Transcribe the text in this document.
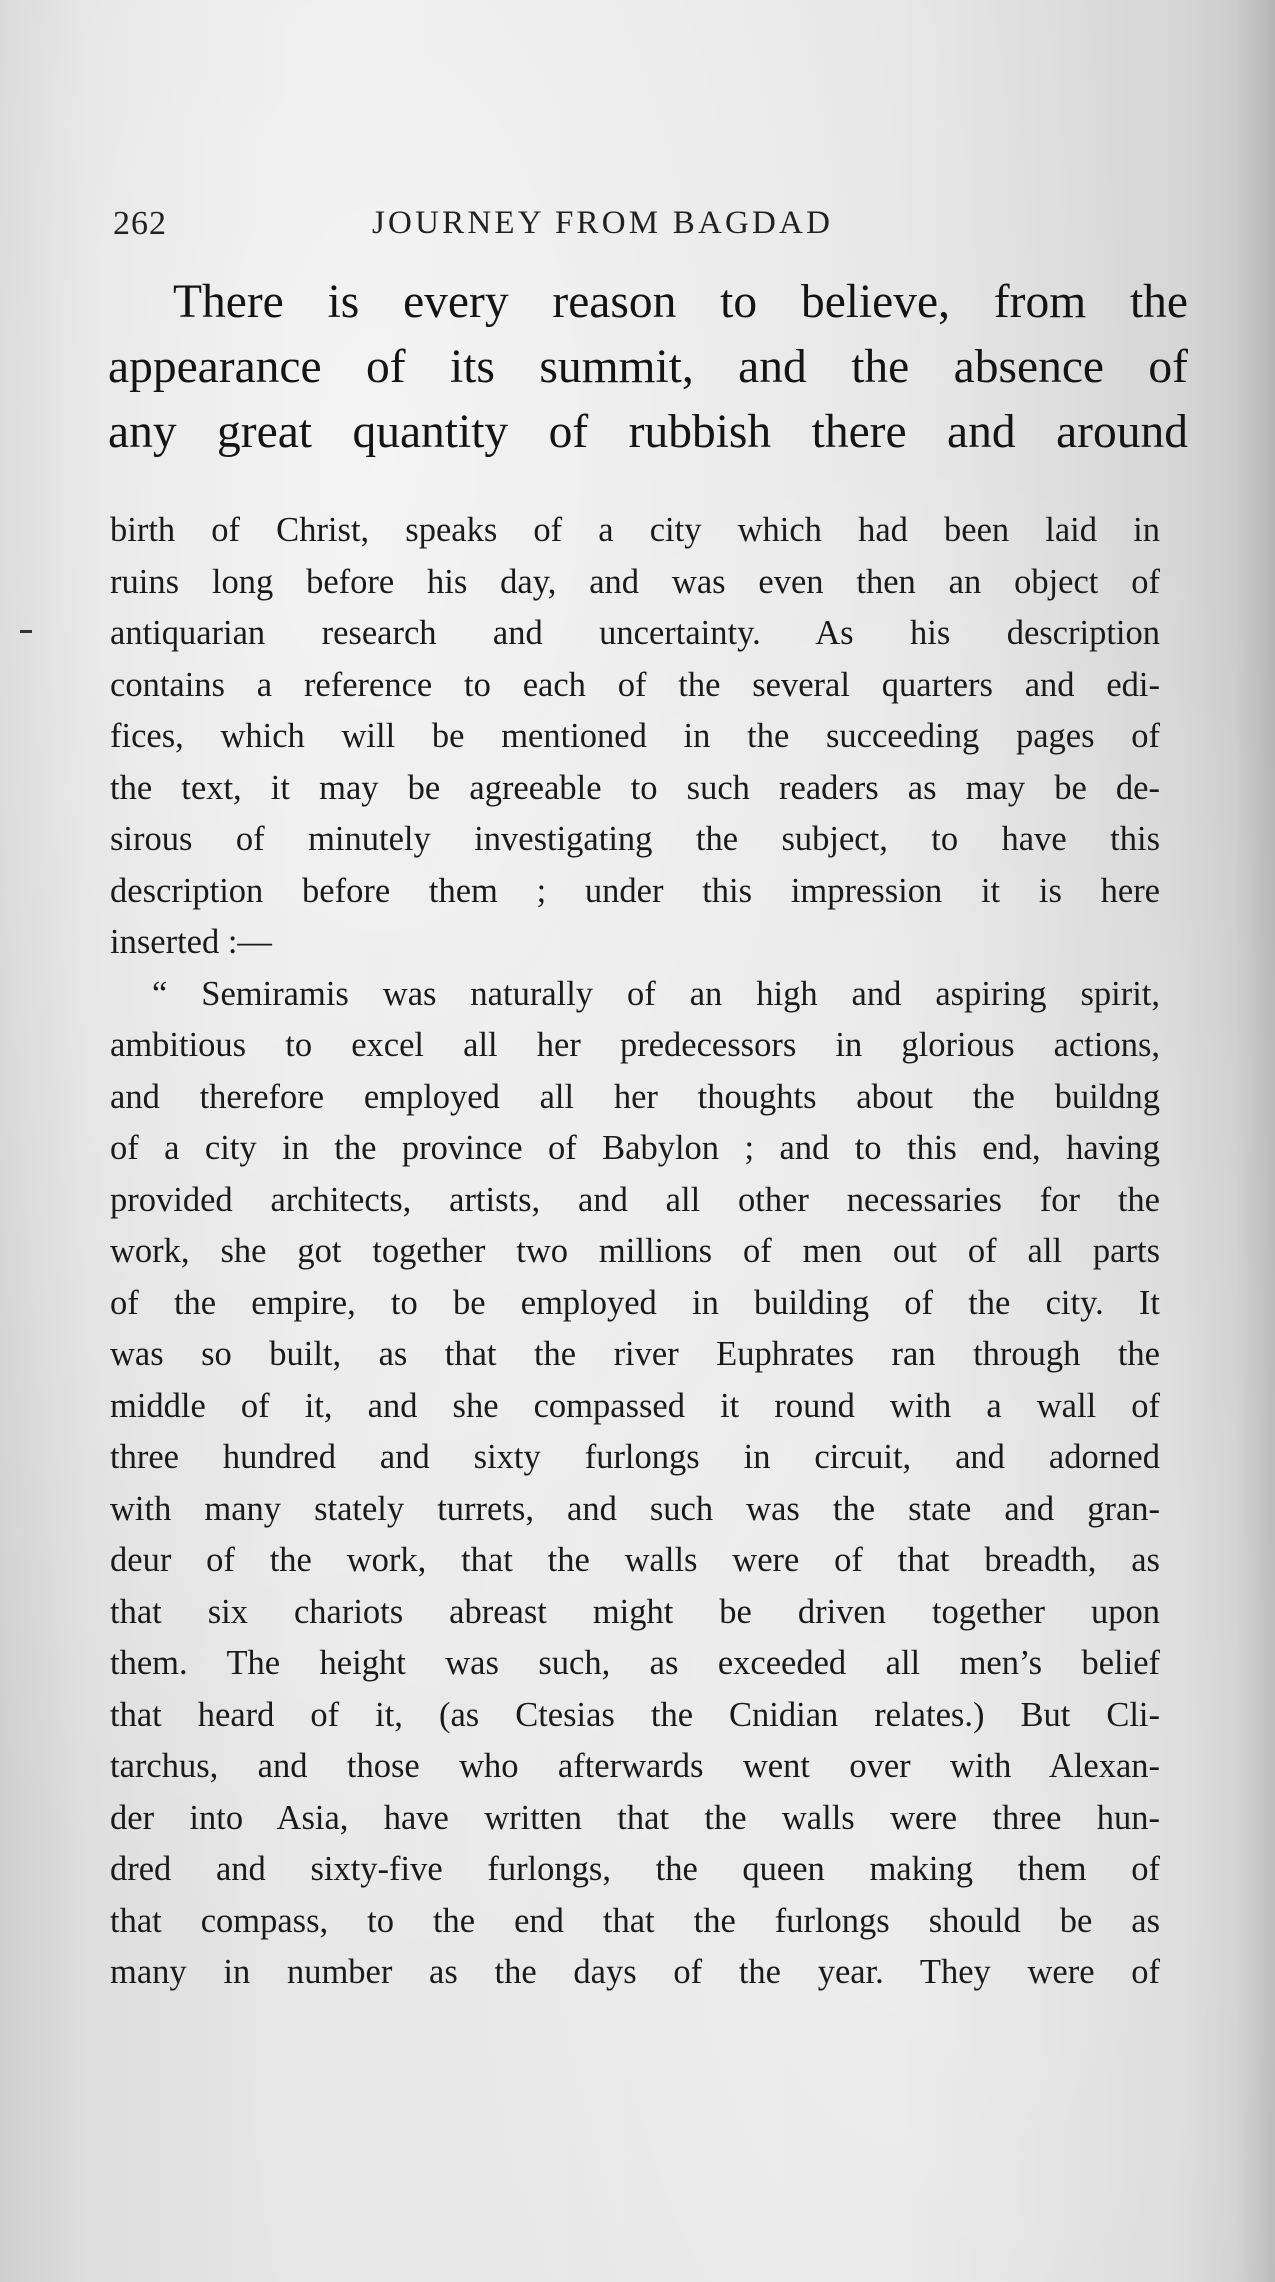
262	JOURNEY FROM BAGDAD
There is every reason to believe, from the
appearance of its summit, and the absence of
any great quantity of rubbish there and around
birth of Christ, speaks of a city which had been laid in
ruins long before his day, and was even then an object of
antiquarian research and uncertainty. As his description
contains a reference to each of the several quarters and edi-
fices, which will be mentioned in the succeeding pages of
the text, it may be agreeable to such readers as may be de-
sirous of minutely investigating the subject, to have this
description before them ; under this impression it is here
inserted :—
“ Semiramis was naturally of an high and aspiring spirit,
ambitious to excel all her predecessors in glorious actions,
and therefore employed all her thoughts about the buildng
of a city in the province of Babylon ; and to this end, having
provided architects, artists, and all other necessaries for the
work, she got together two millions of men out of all parts
of the empire, to be employed in building of the city. It
was so built, as that the river Euphrates ran through the
middle of it, and she compassed it round with a wall of
three hundred and sixty furlongs in circuit, and adorned
with many stately turrets, and such was the state and gran-
deur of the work, that the walls were of that breadth, as
that six chariots abreast might be driven together upon
them. The height was such, as exceeded all men’s belief
that heard of it, (as Ctesias the Cnidian relates.) But Cli-
tarchus, and those who afterwards went over with Alexan-
der into Asia, have written that the walls were three hun-
dred and sixty-five furlongs, the queen making them of
that compass, to the end that the furlongs should be as
many in number as the days of the year. They were of
